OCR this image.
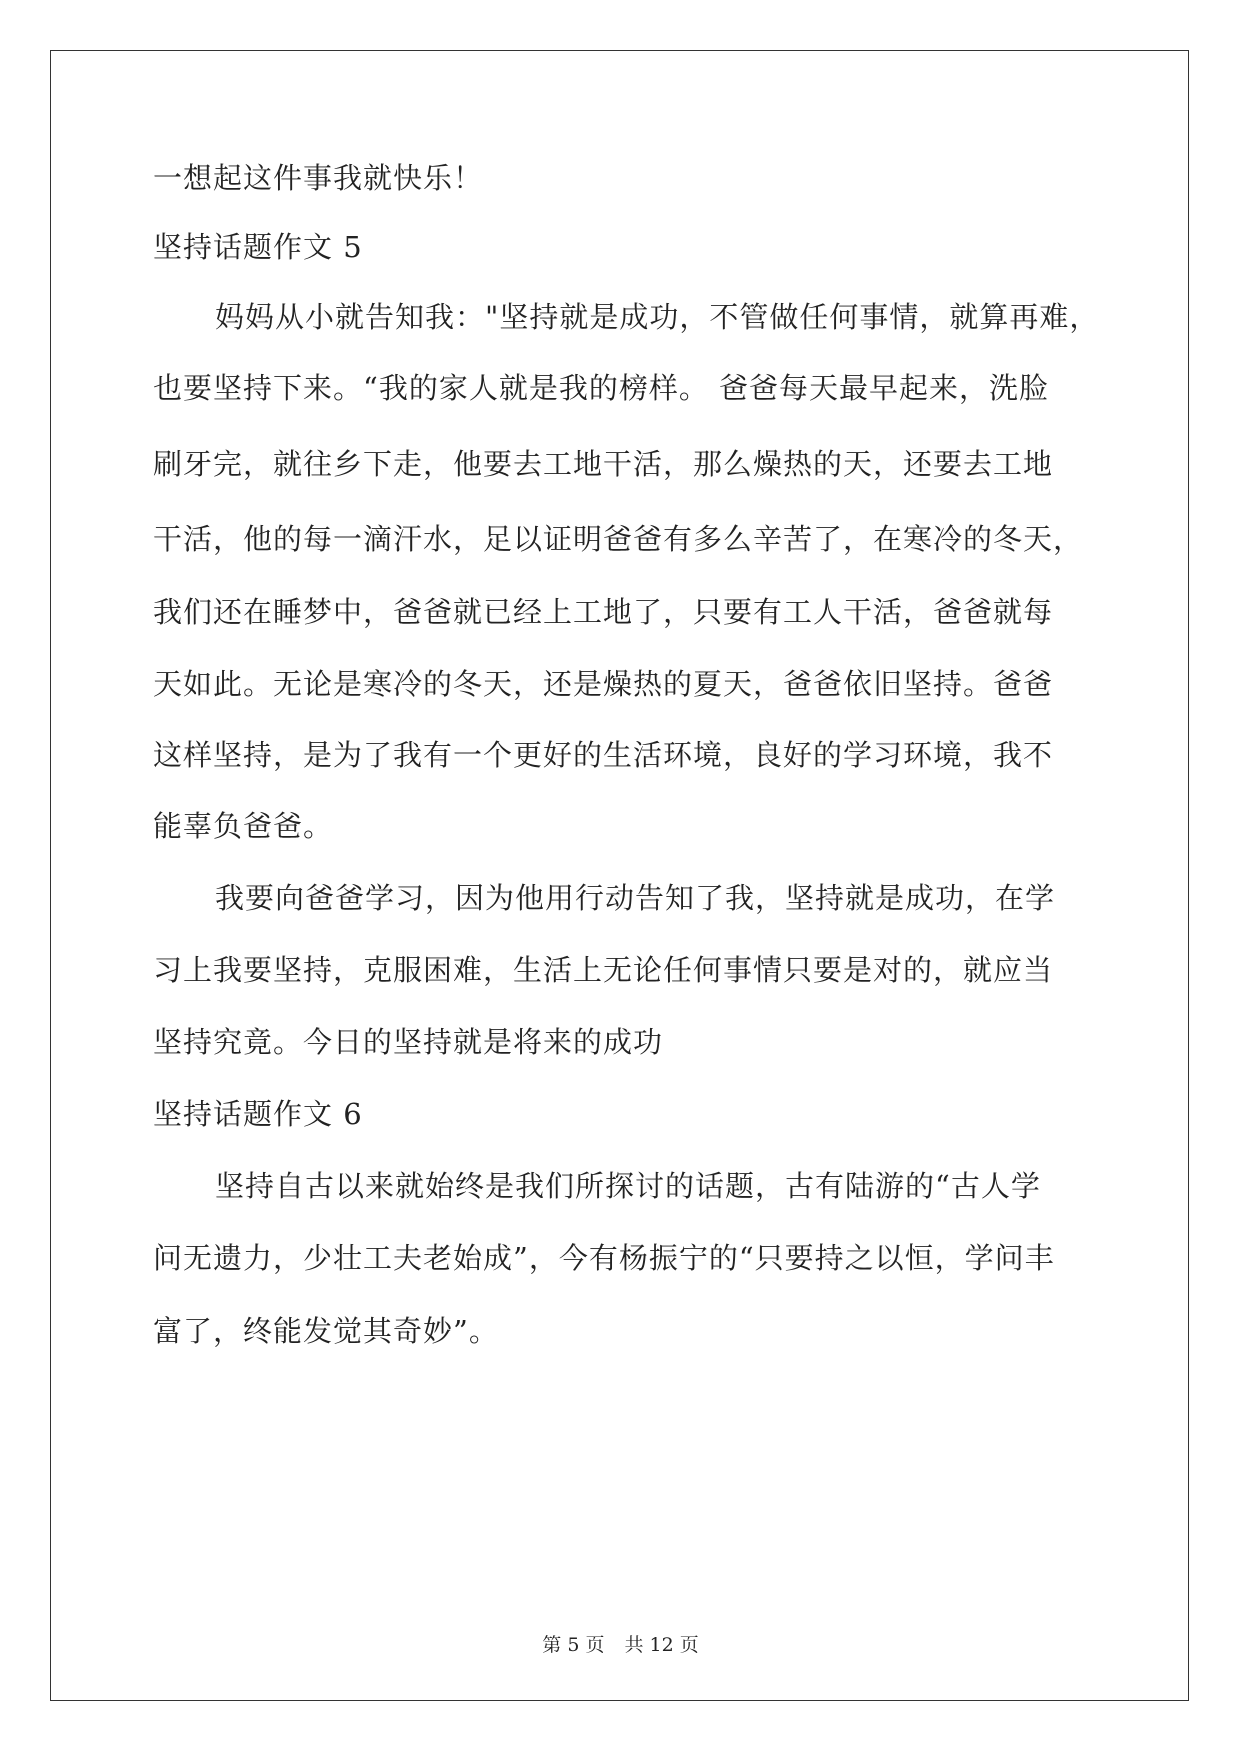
一想起这件事我就快乐！

坚持话题作文 5

妈妈从小就告知我："坚持就是成功，不管做任何事情，就算再难，

也要坚持下来。“我的家人就是我的榜样。 爸爸每天最早起来，洗脸

刷牙完，就往乡下走，他要去工地干活，那么燥热的天，还要去工地

干活，他的每一滴汗水，足以证明爸爸有多么辛苦了，在寒冷的冬天，

我们还在睡梦中，爸爸就已经上工地了，只要有工人干活，爸爸就每

天如此。无论是寒冷的冬天，还是燥热的夏天，爸爸依旧坚持。爸爸

这样坚持，是为了我有一个更好的生活环境，良好的学习环境，我不

能辜负爸爸。

我要向爸爸学习，因为他用行动告知了我，坚持就是成功，在学

习上我要坚持，克服困难，生活上无论任何事情只要是对的，就应当

坚持究竟。今日的坚持就是将来的成功

坚持话题作文 6

坚持自古以来就始终是我们所探讨的话题，古有陆游的“古人学

问无遗力，少壮工夫老始成”，今有杨振宁的“只要持之以恒，学问丰

富了，终能发觉其奇妙”。

第 5 页 共 12 页
